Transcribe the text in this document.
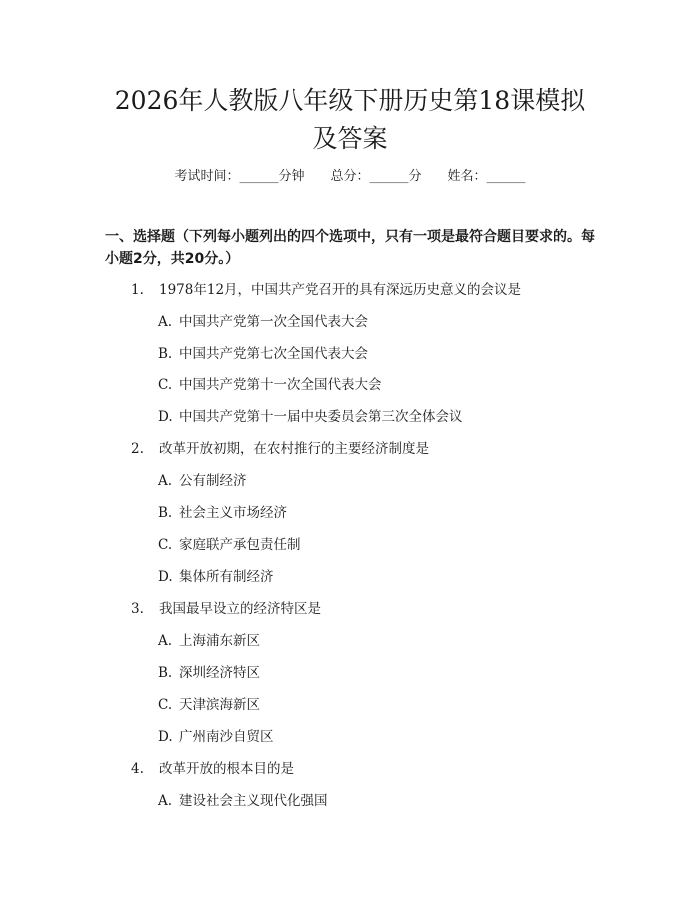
2026年人教版八年级下册历史第18课模拟
及答案
考试时间：______分钟 总分：______分 姓名：______
一、选择题（下列每小题列出的四个选项中，只有一项是最符合题目要求的。每小题2分，共20分。）
1. 1978年12月，中国共产党召开的具有深远历史意义的会议是
A. 中国共产党第一次全国代表大会
B. 中国共产党第七次全国代表大会
C. 中国共产党第十一次全国代表大会
D. 中国共产党第十一届中央委员会第三次全体会议
2. 改革开放初期，在农村推行的主要经济制度是
A. 公有制经济
B. 社会主义市场经济
C. 家庭联产承包责任制
D. 集体所有制经济
3. 我国最早设立的经济特区是
A. 上海浦东新区
B. 深圳经济特区
C. 天津滨海新区
D. 广州南沙自贸区
4. 改革开放的根本目的是
A. 建设社会主义现代化强国
